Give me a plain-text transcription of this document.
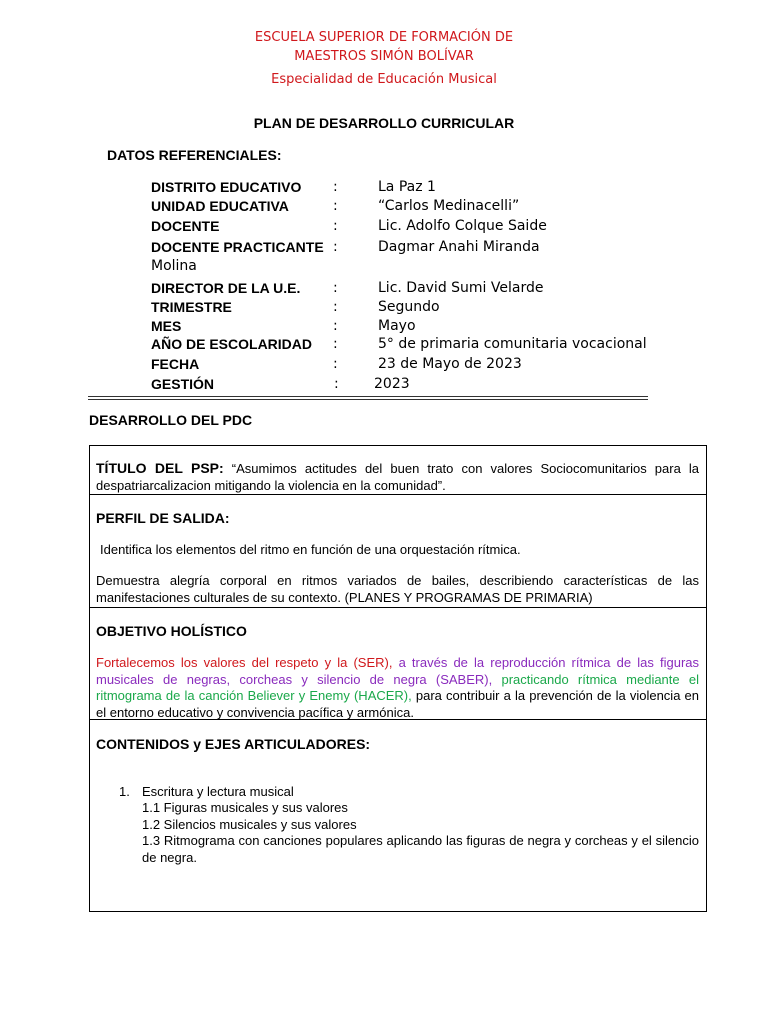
ESCUELA SUPERIOR DE FORMACIÓN DE
MAESTROS SIMÓN BOLÍVAR
Especialidad de Educación Musical
PLAN DE DESARROLLO CURRICULAR
DATOS REFERENCIALES:
DISTRITO EDUCATIVO :	La Paz 1
UNIDAD EDUCATIVA	:	“Carlos Medinacelli”
DOCENTE	:	Lic. Adolfo Colque Saide
DOCENTE PRACTICANTE :	Dagmar Anahi Miranda
Molina
DIRECTOR DE LA U.E. :	Lic. David Sumi Velarde
TRIMESTRE	:	Segundo
MES	:	Mayo
AÑO DE ESCOLARIDAD :	5° de primaria comunitaria vocacional
FECHA	:	23 de Mayo de 2023
GESTIÓN	:	2023
DESARROLLO DEL PDC
TÍTULO DEL PSP: “Asumimos actitudes del buen trato con valores Sociocomunitarios para la despatriarcalizacion mitigando la violencia en la comunidad”.
PERFIL DE SALIDA:
Identifica los elementos del ritmo en función de una orquestación rítmica.
Demuestra alegría corporal en ritmos variados de bailes, describiendo características de las manifestaciones culturales de su contexto. (PLANES Y PROGRAMAS DE PRIMARIA)
OBJETIVO HOLÍSTICO
Fortalecemos los valores del respeto y la (SER), a través de la reproducción rítmica de las figuras musicales de negras, corcheas y silencio de negra (SABER), practicando rítmica mediante el ritmograma de la canción Believer y Enemy (HACER), para contribuir a la prevención de la violencia en el entorno educativo y convivencia pacífica y armónica.
CONTENIDOS y EJES ARTICULADORES:
1. Escritura y lectura musical
1.1 Figuras musicales y sus valores
1.2 Silencios musicales y sus valores
1.3 Ritmograma con canciones populares aplicando las figuras de negra y corcheas y el silencio de negra.
